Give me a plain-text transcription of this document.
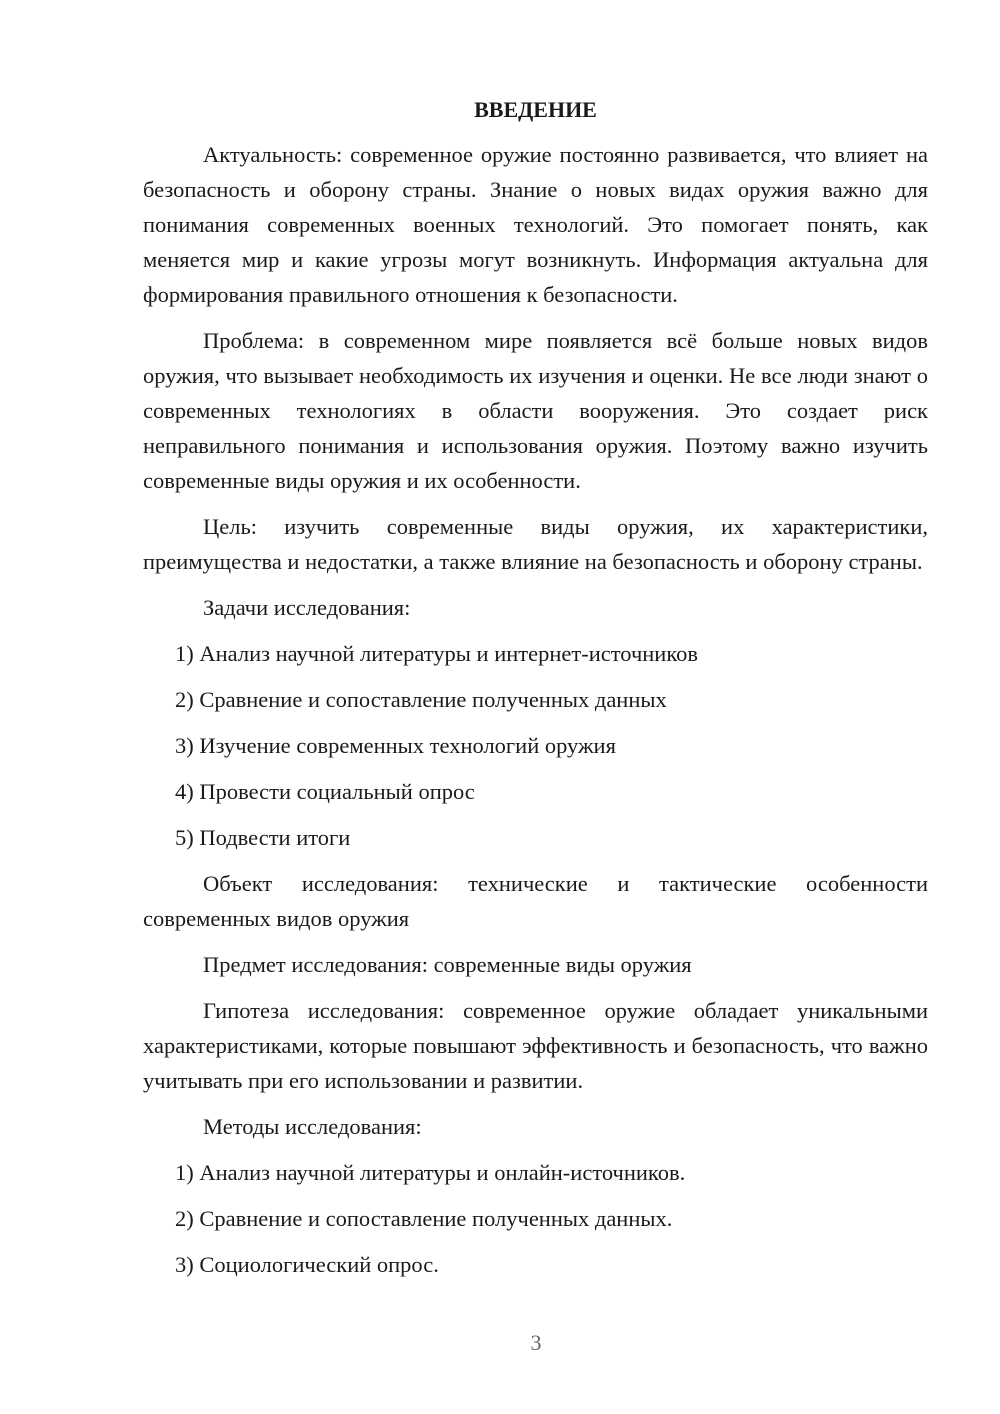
ВВЕДЕНИЕ

Актуальность: современное оружие постоянно развивается, что влияет на безопасность и оборону страны. Знание о новых видах оружия важно для понимания современных военных технологий. Это помогает понять, как меняется мир и какие угрозы могут возникнуть. Информация актуальна для формирования правильного отношения к безопасности.

Проблема: в современном мире появляется всё больше новых видов оружия, что вызывает необходимость их изучения и оценки. Не все люди знают о современных технологиях в области вооружения. Это создает риск неправильного понимания и использования оружия. Поэтому важно изучить современные виды оружия и их особенности.

Цель: изучить современные виды оружия, их характеристики, преимущества и недостатки, а также влияние на безопасность и оборону страны.

Задачи исследования:

1) Анализ научной литературы и интернет-источников

2) Сравнение и сопоставление полученных данных

3) Изучение современных технологий оружия

4) Провести социальный опрос

5) Подвести итоги

Объект исследования: технические и тактические особенности современных видов оружия

Предмет исследования: современные виды оружия

Гипотеза исследования: современное оружие обладает уникальными характеристиками, которые повышают эффективность и безопасность, что важно учитывать при его использовании и развитии.

Методы исследования:

1) Анализ научной литературы и онлайн-источников.

2) Сравнение и сопоставление полученных данных.

3) Социологический опрос.

3
